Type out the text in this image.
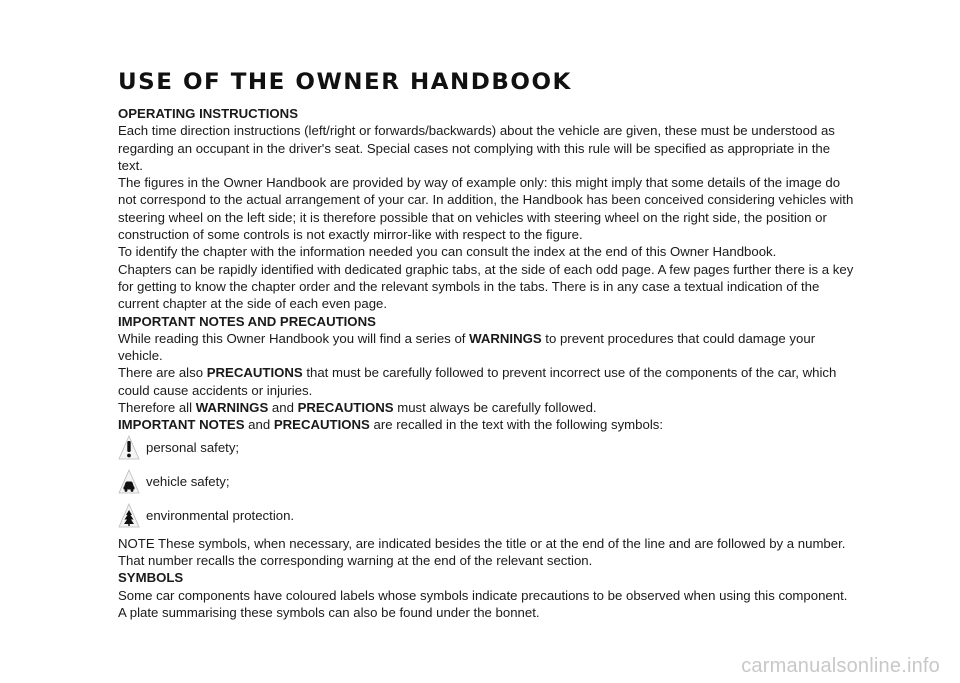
USE OF THE OWNER HANDBOOK
OPERATING INSTRUCTIONS

Each time direction instructions (left/right or forwards/backwards) about the vehicle are given, these must be understood as regarding an occupant in the driver's seat. Special cases not complying with this rule will be specified as appropriate in the text.

The figures in the Owner Handbook are provided by way of example only: this might imply that some details of the image do not correspond to the actual arrangement of your car. In addition, the Handbook has been conceived considering vehicles with steering wheel on the left side; it is therefore possible that on vehicles with steering wheel on the right side, the position or construction of some controls is not exactly mirror-like with respect to the figure.

To identify the chapter with the information needed you can consult the index at the end of this Owner Handbook.

Chapters can be rapidly identified with dedicated graphic tabs, at the side of each odd page. A few pages further there is a key for getting to know the chapter order and the relevant symbols in the tabs. There is in any case a textual indication of the current chapter at the side of each even page.

IMPORTANT NOTES AND PRECAUTIONS

While reading this Owner Handbook you will find a series of WARNINGS to prevent procedures that could damage your vehicle.

There are also PRECAUTIONS that must be carefully followed to prevent incorrect use of the components of the car, which could cause accidents or injuries.

Therefore all WARNINGS and PRECAUTIONS must always be carefully followed.

IMPORTANT NOTES and PRECAUTIONS are recalled in the text with the following symbols:

personal safety;
vehicle safety;
environmental protection.

NOTE These symbols, when necessary, are indicated besides the title or at the end of the line and are followed by a number. That number recalls the corresponding warning at the end of the relevant section.

SYMBOLS

Some car components have coloured labels whose symbols indicate precautions to be observed when using this component.

A plate summarising these symbols can also be found under the bonnet.

carmanualsonline.info
